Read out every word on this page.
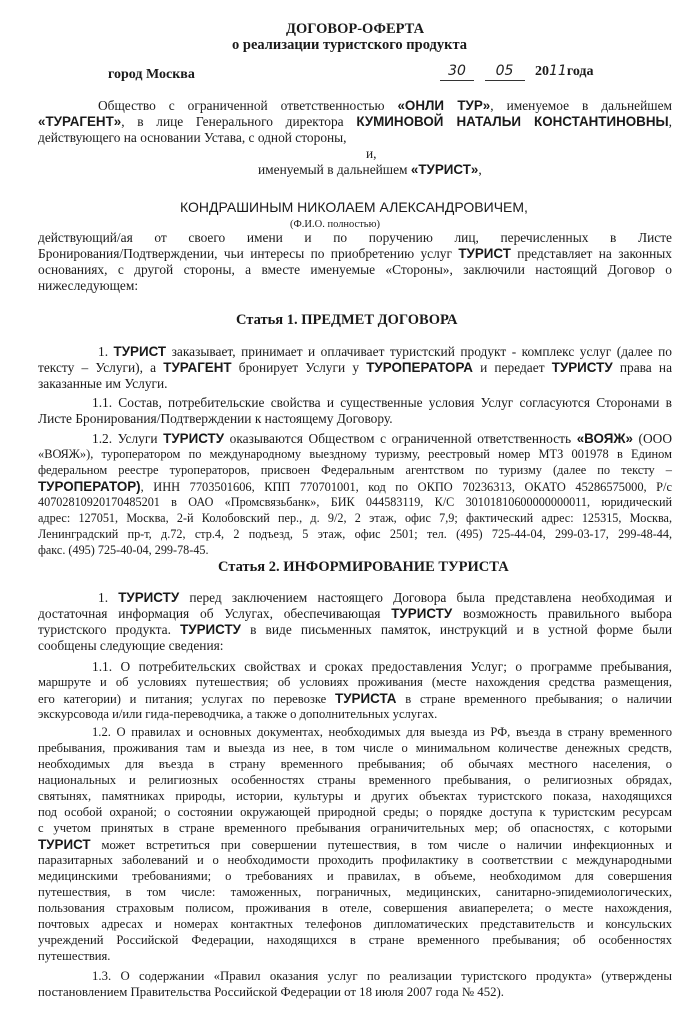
ДОГОВОР-ОФЕРТА
о реализации туристского продукта
город Москва	30 05 2011года
Общество с ограниченной ответственностью «ОНЛИ ТУР», именуемое в дальнейшем
«ТУРАГЕНТ», в лице Генерального директора КУМИНОВОЙ НАТАЛЬИ КОНСТАНТИНОВНЫ,
действующего на основании Устава, с одной стороны,
и,
именуемый в дальнейшем «ТУРИСТ»,
КОНДРАШИНЫМ НИКОЛАЕМ АЛЕКСАНДРОВИЧЕМ,
(Ф.И.О. полностью)
действующий/ая от своего имени и по поручению лиц, перечисленных в Листе
Бронирования/Подтверждении, чьи интересы по приобретению услуг ТУРИСТ представляет на законных
основаниях, с другой стороны, а вместе именуемые «Стороны», заключили настоящий Договор о
нижеследующем:
Статья 1. ПРЕДМЕТ ДОГОВОРА
1. ТУРИСТ заказывает, принимает и оплачивает туристский продукт - комплекс услуг (далее по
тексту – Услуги), а ТУРАГЕНТ бронирует Услуги у ТУРОПЕРАТОРА и передает ТУРИСТУ права на
заказанные им Услуги.
1.1. Состав, потребительские свойства и существенные условия Услуг согласуются Сторонами в
Листе Бронирования/Подтверждении к настоящему Договору.
1.2. Услуги ТУРИСТУ оказываются Обществом с ограниченной ответственность «ВОЯЖ» (ООО
«ВОЯЖ»), туроператором по международному выездному туризму, реестровый номер МТЗ 001978 в Едином
федеральном реестре туроператоров, присвоен Федеральным агентством по туризму (далее по тексту –
ТУРОПЕРАТОР), ИНН 7703501606, КПП 770701001, код по ОКПО 70236313, ОКАТО 45286575000, Р/с
40702810920170485201 в ОАО «Промсвязьбанк», БИК 044583119, К/С 30101810600000000011, юридический
адрес: 127051, Москва, 2-й Колобовский пер., д. 9/2, 2 этаж, офис 7,9; фактический адрес: 125315, Москва,
Ленинградский пр-т, д.72, стр.4, 2 подъезд, 5 этаж, офис 2501; тел. (495) 725-44-04, 299-03-17, 299-48-44,
факс. (495) 725-40-04, 299-78-45.
Статья 2. ИНФОРМИРОВАНИЕ ТУРИСТА
1. ТУРИСТУ перед заключением настоящего Договора была представлена необходимая и
достаточная информация об Услугах, обеспечивающая ТУРИСТУ возможность правильного выбора
туристского продукта. ТУРИСТУ в виде письменных памяток, инструкций и в устной форме были
сообщены следующие сведения:
1.1. О потребительских свойствах и сроках предоставления Услуг; о программе пребывания,
маршруте и об условиях путешествия; об условиях проживания (месте нахождения средства размещения,
его категории) и питания; услугах по перевозке ТУРИСТА в стране временного пребывания; о наличии
экскурсовода и/или гида-переводчика, а также о дополнительных услугах.
1.2. О правилах и основных документах, необходимых для выезда из РФ, въезда в страну временного
пребывания, проживания там и выезда из нее, в том числе о минимальном количестве денежных средств,
необходимых для въезда в страну временного пребывания; об обычаях местного населения, о
национальных и религиозных особенностях страны временного пребывания, о религиозных обрядах,
святынях, памятниках природы, истории, культуры и других объектах туристского показа, находящихся
под особой охраной; о состоянии окружающей природной среды; о порядке доступа к туристским ресурсам
с учетом принятых в стране временного пребывания ограничительных мер; об опасностях, с которыми
ТУРИСТ может встретиться при совершении путешествия, в том числе о наличии инфекционных и
паразитарных заболеваний и о необходимости проходить профилактику в соответствии с международными
медицинскими требованиями; о требованиях и правилах, в объеме, необходимом для совершения
путешествия, в том числе: таможенных, пограничных, медицинских, санитарно-эпидемиологических,
пользования страховым полисом, проживания в отеле, совершения авиаперелета; о месте нахождения,
почтовых адресах и номерах контактных телефонов дипломатических представительств и консульских
учреждений Российской Федерации, находящихся в стране временного пребывания; об особенностях
путешествия.
1.3. О содержании «Правил оказания услуг по реализации туристского продукта» (утверждены
постановлением Правительства Российской Федерации от 18 июля 2007 года № 452).
